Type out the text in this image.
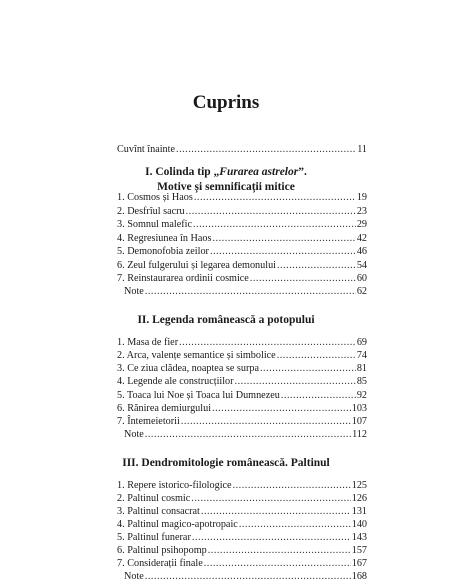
Cuprins
Cuvînt înainte .....	11
I. Colinda tip „Furarea astrelor”.
Motive și semnificații mitice
1. Cosmos și Haos .....	19
2. Desfrîul sacru .....	23
3. Somnul malefic .....	29
4. Regresiunea în Haos .....	42
5. Demonofobia zeilor .....	46
6. Zeul fulgerului și legarea demonului .....	54
7. Reinstaurarea ordinii cosmice .....	60
Note .....	62
II. Legenda românească a potopului
1. Masa de fier .....	69
2. Arca, valențe semantice și simbolice .....	74
3. Ce ziua clădea, noaptea se surpa .....	81
4. Legende ale construcțiilor .....	85
5. Toaca lui Noe și Toaca lui Dumnezeu .....	92
6. Rănirea demiurgului .....	103
7. Întemeietorii .....	107
Note .....	112
III. Dendromitologie românească. Paltinul
1. Repere istorico-filologice .....	125
2. Paltinul cosmic .....	126
3. Paltinul consacrat .....	131
4. Paltinul magico-apotropaic .....	140
5. Paltinul funerar .....	143
6. Paltinul psihopomp .....	157
7. Considerații finale .....	167
Note .....	168
